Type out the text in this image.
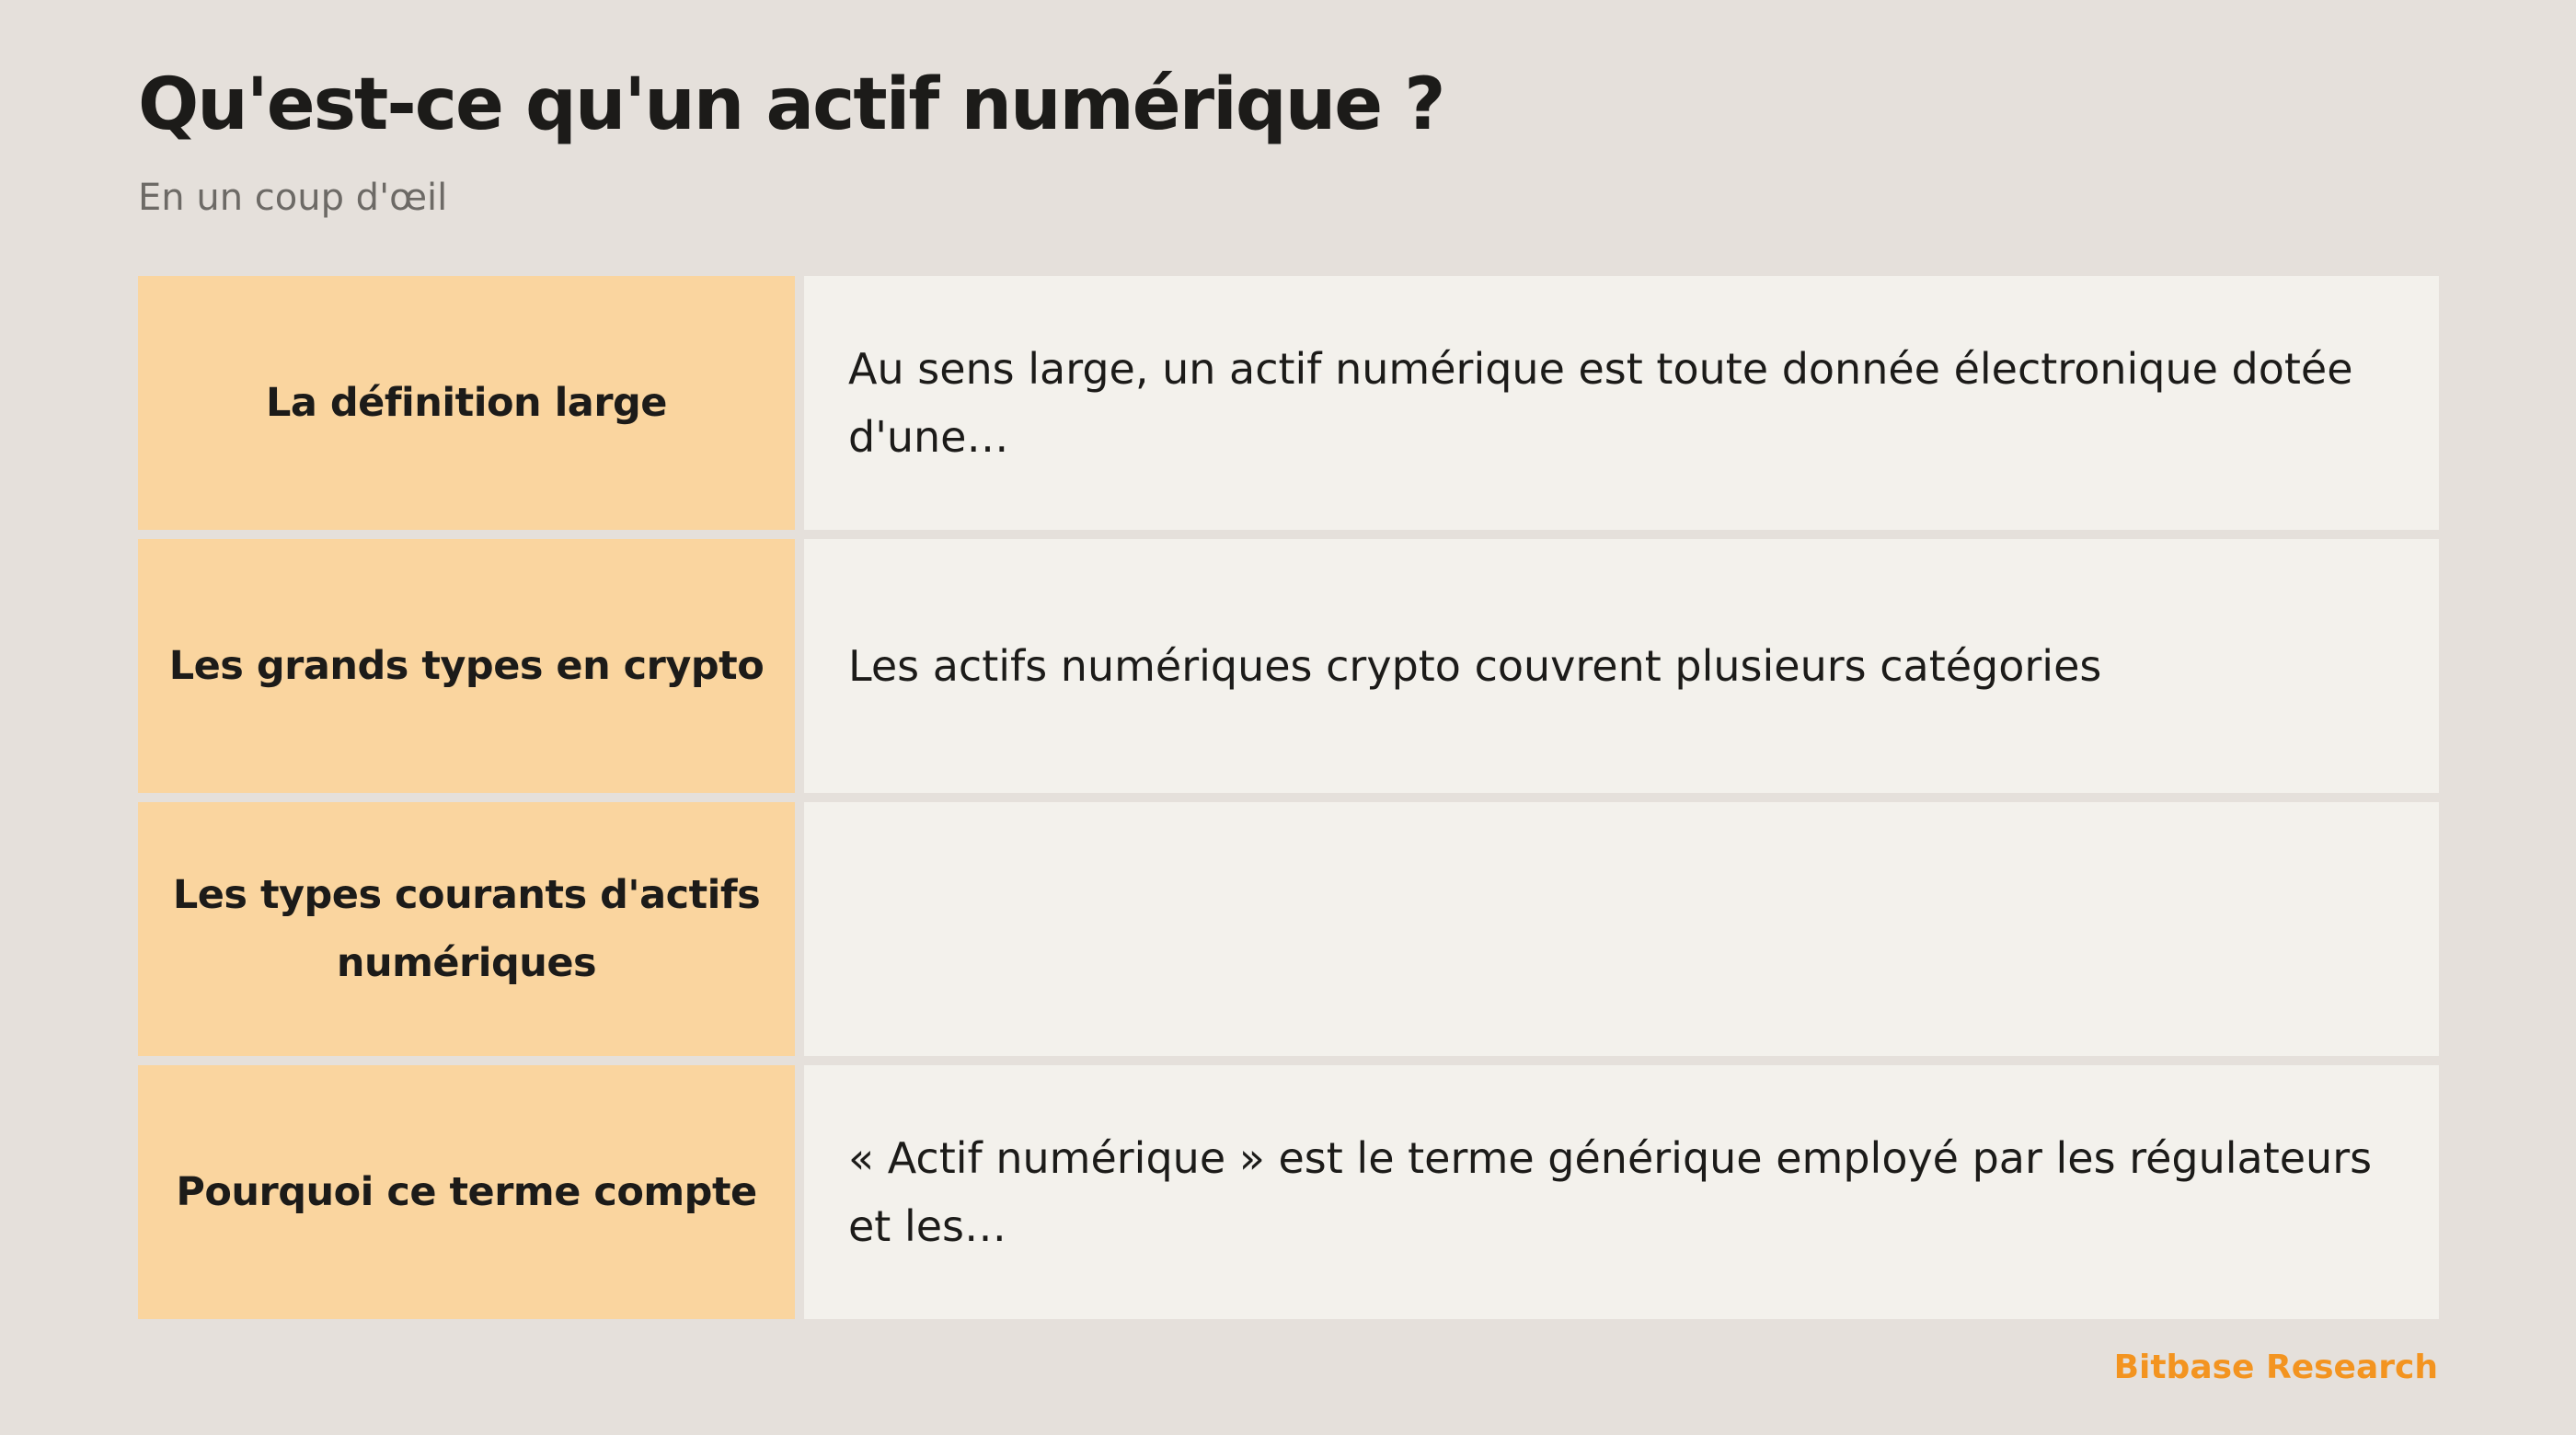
Qu'est-ce qu'un actif numérique ?
En un coup d'œil
La définition large
Au sens large, un actif numérique est toute donnée électronique dotée d'une…
Les grands types en crypto	Les actifs numériques crypto couvrent plusieurs catégories
Les types courants d'actifs numériques
Pourquoi ce terme compte
« Actif numérique » est le terme générique employé par les régulateurs et les…
Bitbase Research
